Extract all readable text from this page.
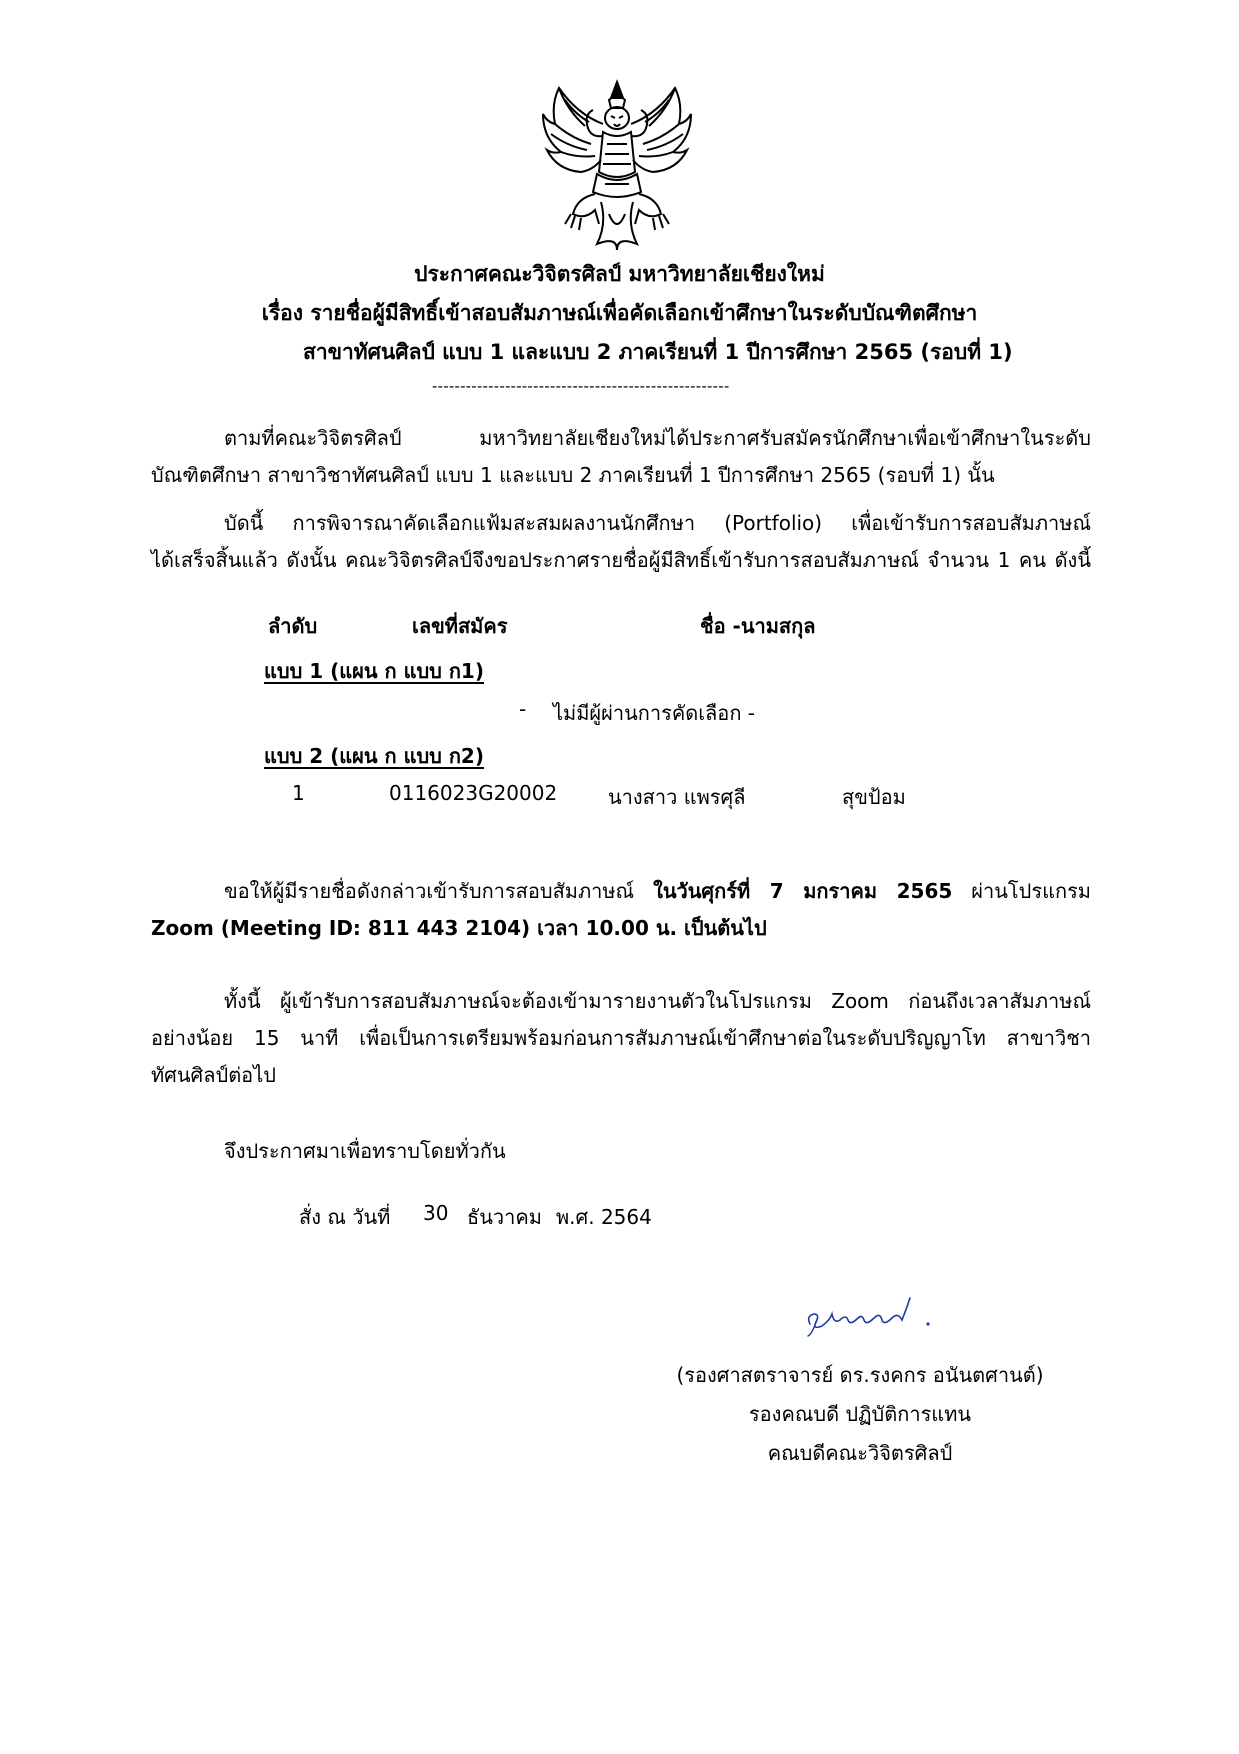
ประกาศคณะวิจิตรศิลป์ มหาวิทยาลัยเชียงใหม่
เรื่อง รายชื่อผู้มีสิทธิ์เข้าสอบสัมภาษณ์เพื่อคัดเลือกเข้าศึกษาในระดับบัณฑิตศึกษา
สาขาทัศนศิลป์ แบบ 1 และแบบ 2 ภาคเรียนที่ 1 ปีการศึกษา 2565 (รอบที่ 1)
-----------------------------------------------------
ตามที่คณะวิจิตรศิลป์ มหาวิทยาลัยเชียงใหม่ได้ประกาศรับสมัครนักศึกษาเพื่อเข้าศึกษาในระดับ
บัณฑิตศึกษา สาขาวิชาทัศนศิลป์ แบบ 1 และแบบ 2 ภาคเรียนที่ 1 ปีการศึกษา 2565 (รอบที่ 1) นั้น
บัดนี้ การพิจารณาคัดเลือกแฟ้มสะสมผลงานนักศึกษา (Portfolio) เพื่อเข้ารับการสอบสัมภาษณ์
ได้เสร็จสิ้นแล้ว ดังนั้น คณะวิจิตรศิลป์จึงขอประกาศรายชื่อผู้มีสิทธิ์เข้ารับการสอบสัมภาษณ์ จำนวน 1 คน ดังนี้
ลำดับ	เลขที่สมัคร	ชื่อ -นามสกุล
แบบ 1 (แผน ก แบบ ก1)
- ไม่มีผู้ผ่านการคัดเลือก -
แบบ 2 (แผน ก แบบ ก2)
1	0116023G20002	นางสาว แพรศุลี	สุขป้อม
ขอให้ผู้มีรายชื่อดังกล่าวเข้ารับการสอบสัมภาษณ์ ในวันศุกร์ที่ 7 มกราคม 2565 ผ่านโปรแกรม
Zoom (Meeting ID: 811 443 2104) เวลา 10.00 น. เป็นต้นไป
ทั้งนี้ ผู้เข้ารับการสอบสัมภาษณ์จะต้องเข้ามารายงานตัวในโปรแกรม Zoom ก่อนถึงเวลาสัมภาษณ์
อย่างน้อย 15 นาที เพื่อเป็นการเตรียมพร้อมก่อนการสัมภาษณ์เข้าศึกษาต่อในระดับปริญญาโท สาขาวิชา
ทัศนศิลป์ต่อไป
จึงประกาศมาเพื่อทราบโดยทั่วกัน
สั่ง ณ วันที่ 30 ธันวาคม พ.ศ. 2564
(รองศาสตราจารย์ ดร.รงคกร อนันตศานต์)
รองคณบดี ปฏิบัติการแทน
คณบดีคณะวิจิตรศิลป์
